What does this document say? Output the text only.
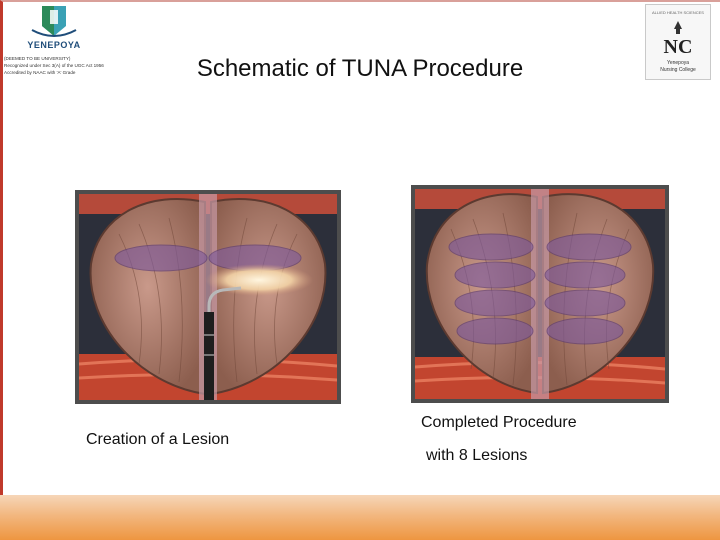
YENEPOYA
(DEEMED TO BE UNIVERSITY)
Recognized under Sec 3(A) of the UGC Act 1956
Accredited by NAAC with 'A' Grade
ALLIED HEALTH SCIENCES
NC
Yenepoya
Nursing College
Schematic of TUNA Procedure
Creation of a Lesion
Completed Procedure
with 8 Lesions
